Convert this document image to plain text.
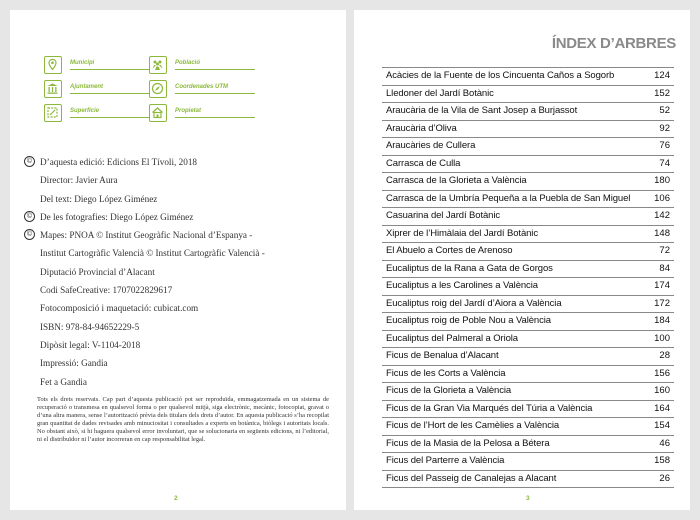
Municipi	Població
Ajuntament	Coordenades UTM
Superfície	Propietat
© D’aquesta edició: Edicions El Tívoli, 2018
Director: Javier Aura
Del text: Diego López Giménez
© De les fotografies: Diego López Giménez
© Mapes: PNOA © Institut Geogràfic Nacional d’Espanya -
Institut Cartogràfic Valencià © Institut Cartogràfic Valencià -
Diputació Provincial d’Alacant
Codi SafeCreative: 1707022829617
Fotocomposició i maquetació: cubicat.com
ISBN: 978-84-94652229-5
Dipòsit legal: V-1104-2018
Impressió: Gandia
Fet a Gandia
Tots els drets reservats. Cap part d’aquesta publicació pot ser reproduïda, emmagatzemada en un sistema de recuperació o transmesa en qualsevol forma o per qualsevol mitjà, siga electrònic, mecànic, fotocopiat, gravat o d’una altra manera, sense l’autorització prèvia dels titulars dels drets d’autor. En aquesta publicació s’ha recopilat gran quantitat de dades revisades amb minuciositat i consultades a experts en botànica, biòlegs i autoritats locals. No obstant això, si hi haguera qualsevol error involuntari, que se solucionaria en següents edicions, ni l’editorial, ni el distribuïdor ni l’autor incorreran en cap responsabilitat legal.
2
ÍNDEX D’ARBRES
Acàcies de la Fuente de los Cincuenta Caños a Sogorb	124
Lledoner del Jardí Botànic	152
Araucària de la Vila de Sant Josep a Burjassot	52
Araucària d’Oliva	92
Araucàries de Cullera	76
Carrasca de Culla	74
Carrasca de la Glorieta a València	180
Carrasca de la Umbría Pequeña a la Puebla de San Miguel	106
Casuarina del Jardí Botànic	142
Xiprer de l’Himàlaia del Jardí Botànic	148
El Abuelo a Cortes de Arenoso	72
Eucaliptus de la Rana a Gata de Gorgos	84
Eucaliptus a les Carolines a València	174
Eucaliptus roig del Jardí d’Aiora a València	172
Eucaliptus roig de Poble Nou a València	184
Eucaliptus del Palmeral a Oriola	100
Ficus de Benalua d’Alacant	28
Ficus de les Corts a València	156
Ficus de la Glorieta a València	160
Ficus de la Gran Via Marqués del Túria a València	164
Ficus de l’Hort de les Camèlies a València	154
Ficus de la Masia de la Pelosa a Bétera	46
Ficus del Parterre a València	158
Ficus del Passeig de Canalejas a Alacant	26
3
